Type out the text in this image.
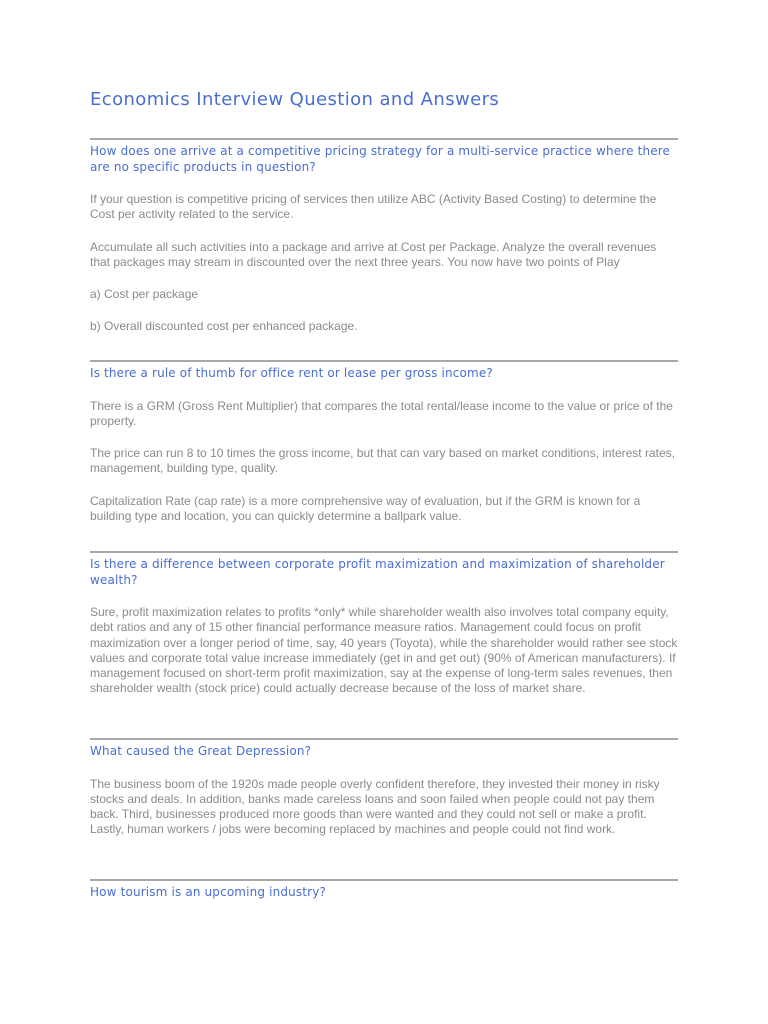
Economics Interview Question and Answers
How does one arrive at a competitive pricing strategy for a multi-service practice where there are no specific products in question?

If your question is competitive pricing of services then utilize ABC (Activity Based Costing) to determine the Cost per activity related to the service.

Accumulate all such activities into a package and arrive at Cost per Package. Analyze the overall revenues that packages may stream in discounted over the next three years. You now have two points of Play

a) Cost per package

b) Overall discounted cost per enhanced package.

Is there a rule of thumb for office rent or lease per gross income?

There is a GRM (Gross Rent Multiplier) that compares the total rental/lease income to the value or price of the property.

The price can run 8 to 10 times the gross income, but that can vary based on market conditions, interest rates, management, building type, quality.

Capitalization Rate (cap rate) is a more comprehensive way of evaluation, but if the GRM is known for a building type and location, you can quickly determine a ballpark value.

Is there a difference between corporate profit maximization and maximization of shareholder wealth?

Sure, profit maximization relates to profits *only* while shareholder wealth also involves total company equity, debt ratios and any of 15 other financial performance measure ratios. Management could focus on profit maximization over a longer period of time, say, 40 years (Toyota), while the shareholder would rather see stock values and corporate total value increase immediately (get in and get out) (90% of American manufacturers). If management focused on short-term profit maximization, say at the expense of long-term sales revenues, then shareholder wealth (stock price) could actually decrease because of the loss of market share.

What caused the Great Depression?

The business boom of the 1920s made people overly confident therefore, they invested their money in risky stocks and deals. In addition, banks made careless loans and soon failed when people could not pay them back. Third, businesses produced more goods than were wanted and they could not sell or make a profit. Lastly, human workers / jobs were becoming replaced by machines and people could not find work.

How tourism is an upcoming industry?
